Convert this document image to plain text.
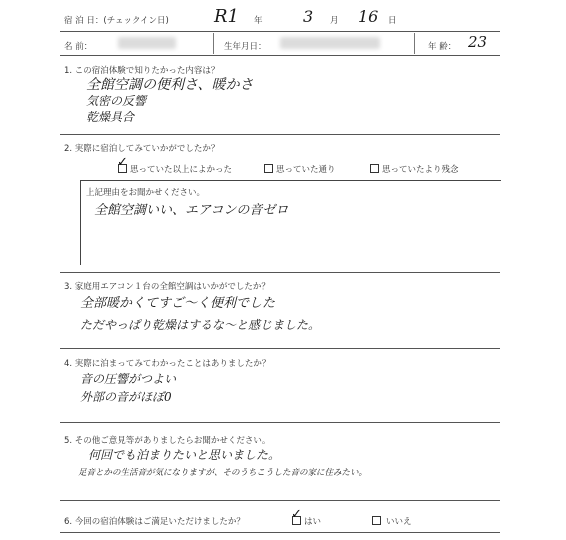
宿 泊 日：(チェックイン日)	R1 年	3 月 16 日
名 前：	生年月日：	年 齢： 23
1. この宿泊体験で知りたかった内容は？
全館空調の便利さ、暖かさ
気密の反響
乾燥具合
2. 実際に宿泊してみていかがでしたか？
✓ 思っていた以上によかった	思っていた通り	思っていたより残念
上記理由をお聞かせください。
全館空調いい、エアコンの音ゼロ
3. 家庭用エアコン１台の全館空調はいかがでしたか？
全部暖かくてすご～く便利でした
ただやっぱり乾燥はするな～と感じました。
4. 実際に泊まってみてわかったことはありましたか？
音の圧響がつよい
外部の音がほぼ0
5. その他ご意見等がありましたらお聞かせください。
何回でも泊まりたいと思いました。
足音とかの生活音が気になりますが、そのうちこうした音の家に住みたい。
6. 今回の宿泊体験はご満足いただけましたか？	✓ はい	いいえ
